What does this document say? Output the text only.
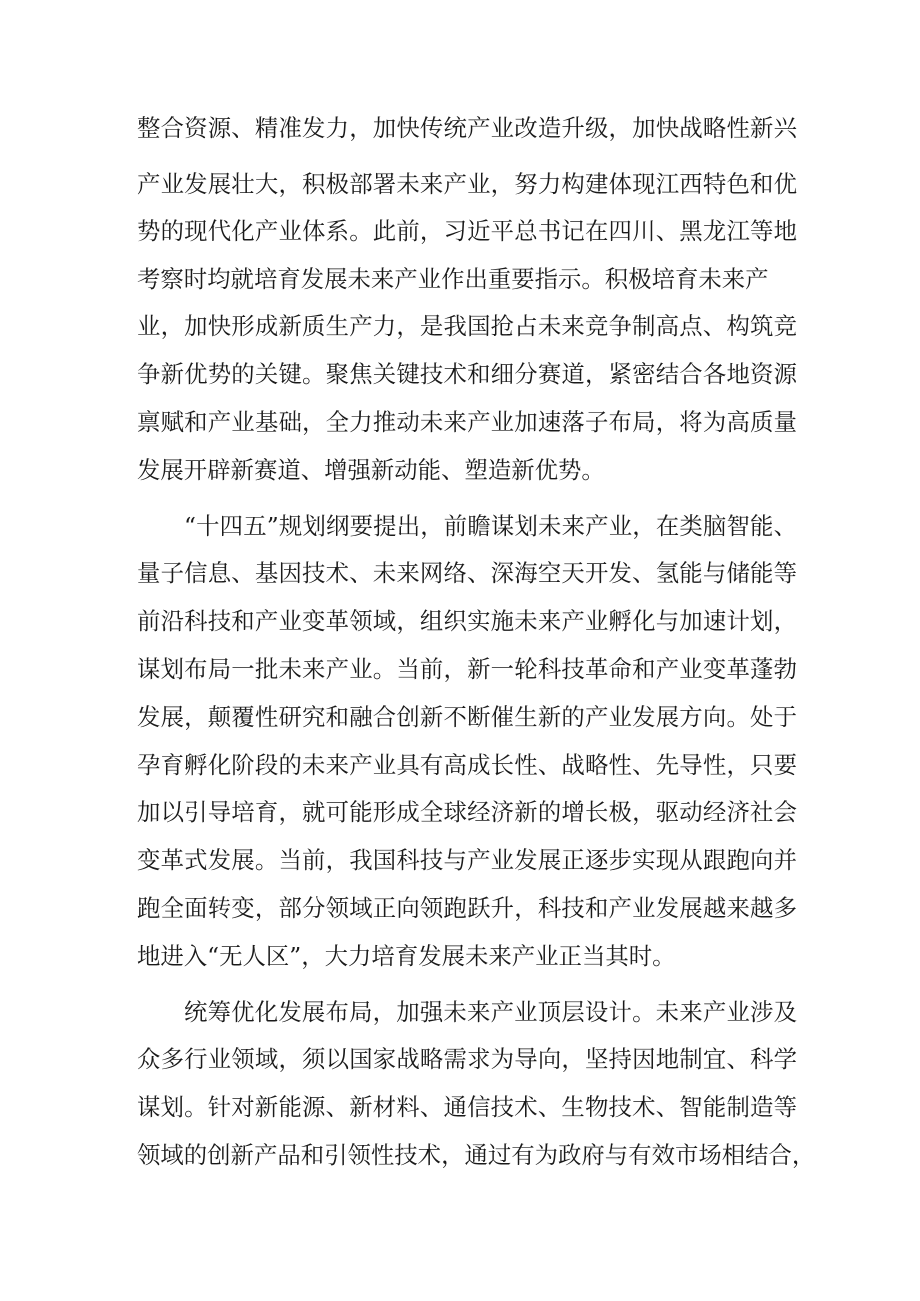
整合资源、精准发力，加快传统产业改造升级，加快战略性新兴
产业发展壮大，积极部署未来产业，努力构建体现江西特色和优
势的现代化产业体系。此前，习近平总书记在四川、黑龙江等地
考察时均就培育发展未来产业作出重要指示。积极培育未来产
业，加快形成新质生产力，是我国抢占未来竞争制高点、构筑竞
争新优势的关键。聚焦关键技术和细分赛道，紧密结合各地资源
禀赋和产业基础，全力推动未来产业加速落子布局，将为高质量
发展开辟新赛道、增强新动能、塑造新优势。
“十四五”规划纲要提出，前瞻谋划未来产业，在类脑智能、
量子信息、基因技术、未来网络、深海空天开发、氢能与储能等
前沿科技和产业变革领域，组织实施未来产业孵化与加速计划，
谋划布局一批未来产业。当前，新一轮科技革命和产业变革蓬勃
发展，颠覆性研究和融合创新不断催生新的产业发展方向。处于
孕育孵化阶段的未来产业具有高成长性、战略性、先导性，只要
加以引导培育，就可能形成全球经济新的增长极，驱动经济社会
变革式发展。当前，我国科技与产业发展正逐步实现从跟跑向并
跑全面转变，部分领域正向领跑跃升，科技和产业发展越来越多
地进入“无人区”，大力培育发展未来产业正当其时。
统筹优化发展布局，加强未来产业顶层设计。未来产业涉及
众多行业领域，须以国家战略需求为导向，坚持因地制宜、科学
谋划。针对新能源、新材料、通信技术、生物技术、智能制造等
领域的创新产品和引领性技术，通过有为政府与有效市场相结合，
